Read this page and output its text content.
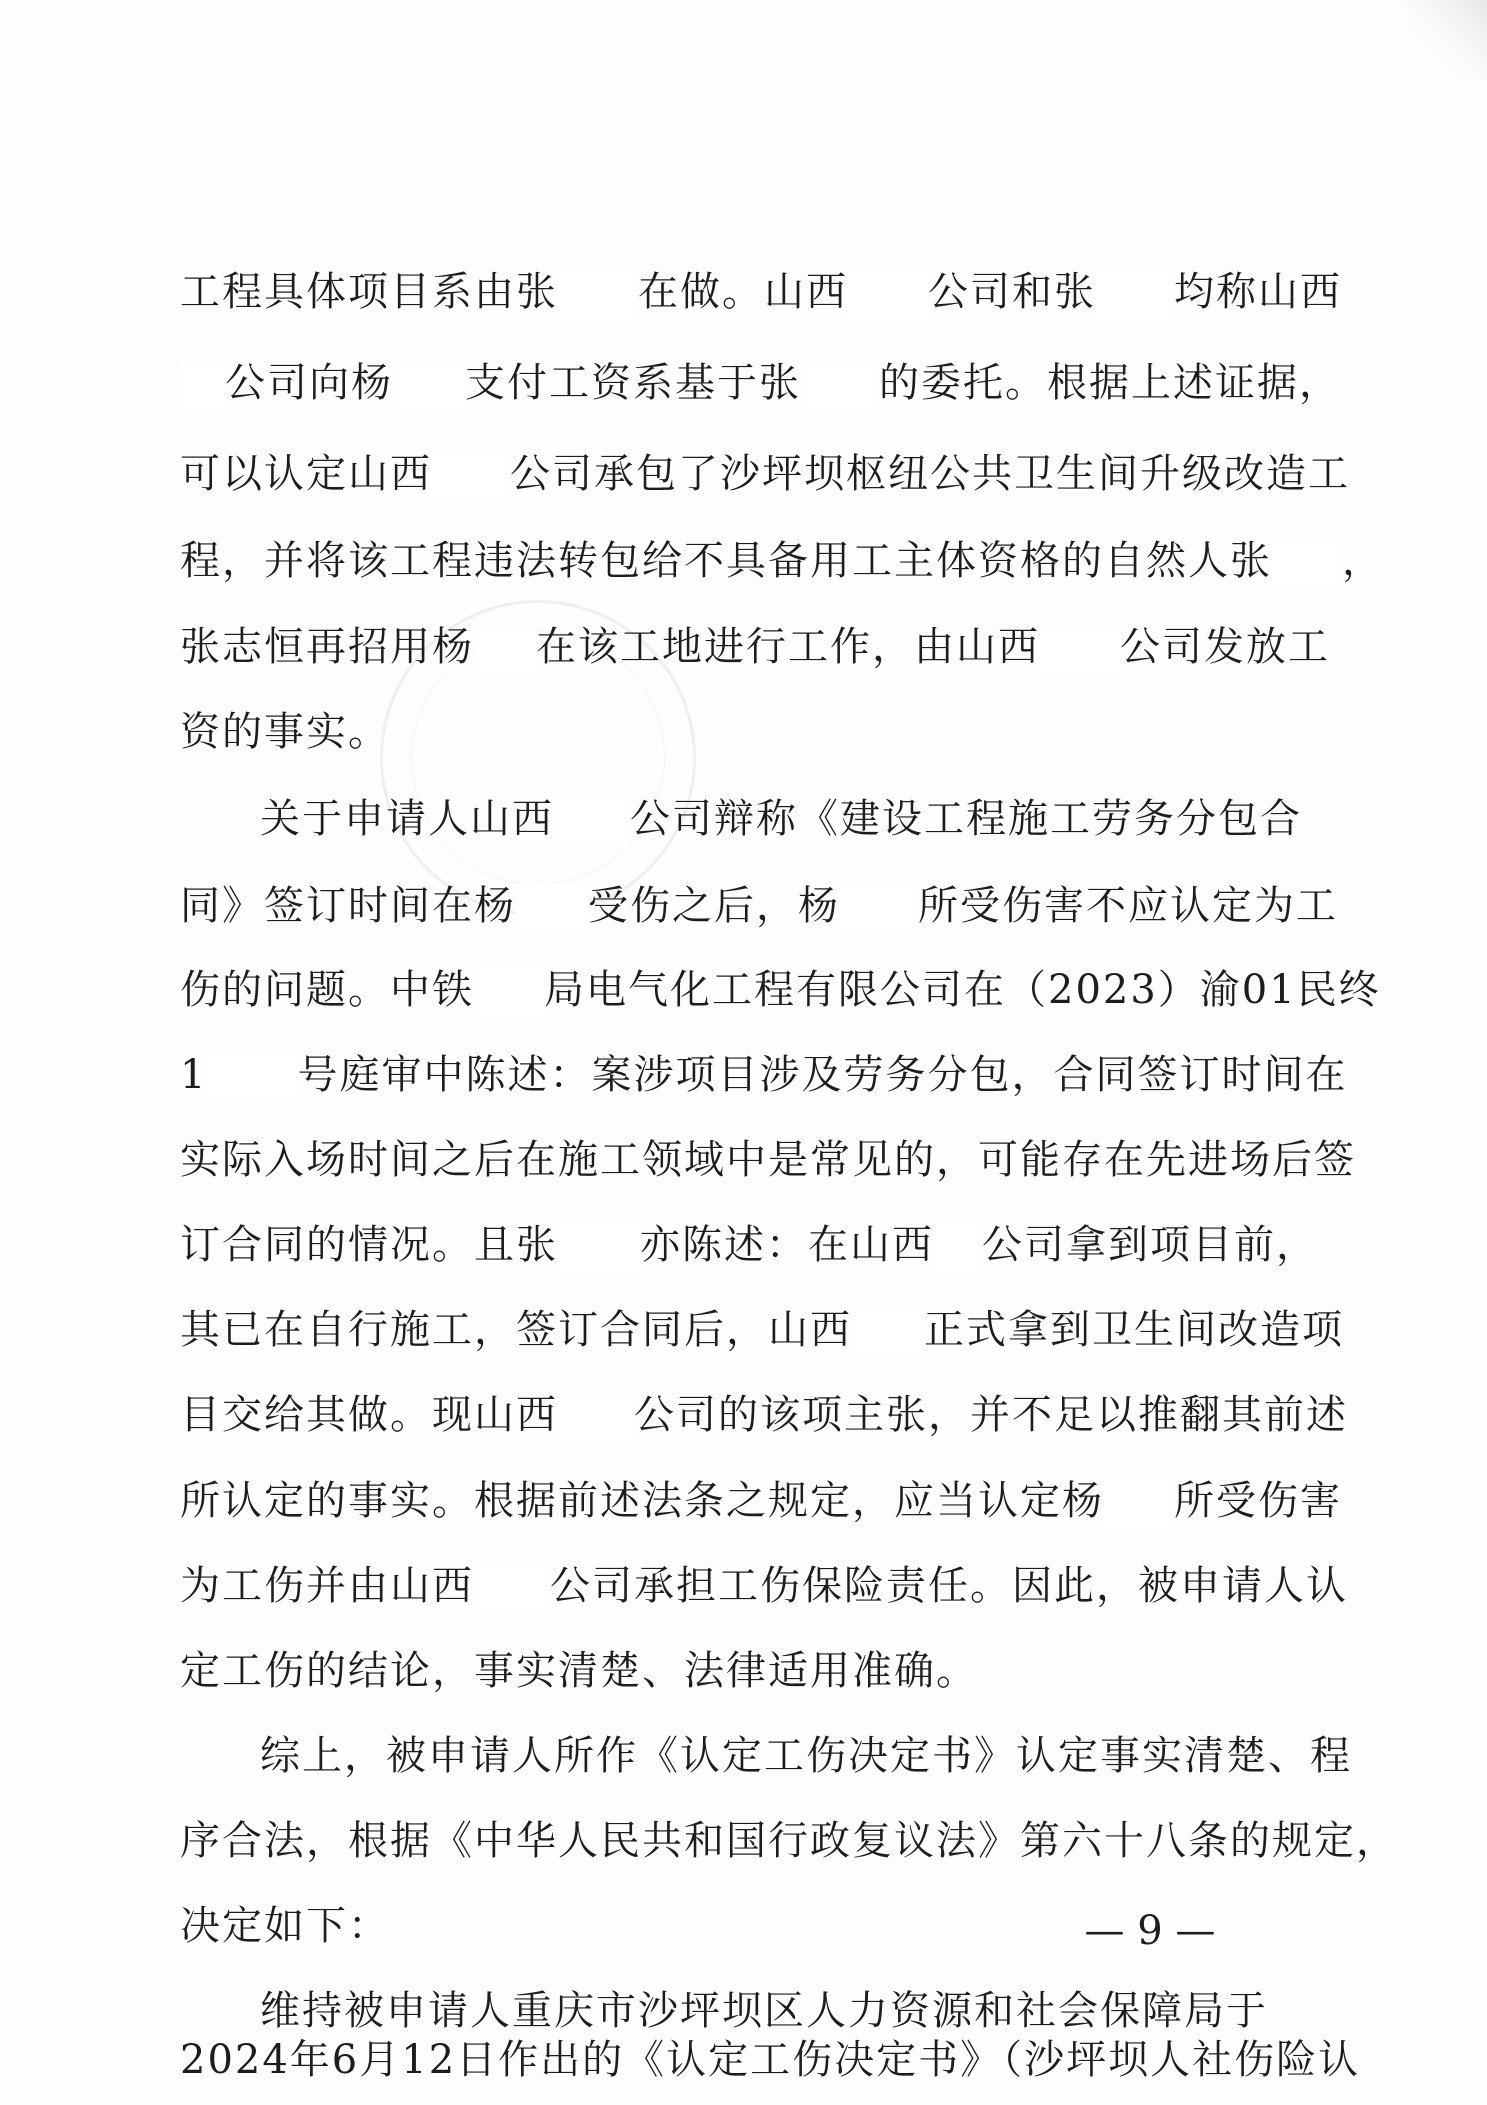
工程具体项目系由张 在做。山西 公司和张 均称山西
公司向杨 支付工资系基于张 的委托。根据上述证据，
可以认定山西 公司承包了沙坪坝枢纽公共卫生间升级改造工
程，并将该工程违法转包给不具备用工主体资格的自然人张 ，
张志恒再招用杨 在该工地进行工作，由山西 公司发放工
资的事实。
关于申请人山西 公司辩称《建设工程施工劳务分包合
同》签订时间在杨 受伤之后，杨 所受伤害不应认定为工
伤的问题。中铁 局电气化工程有限公司在（2023）渝01民终
1 号庭审中陈述：案涉项目涉及劳务分包，合同签订时间在
实际入场时间之后在施工领域中是常见的，可能存在先进场后签
订合同的情况。且张 亦陈述：在山西 公司拿到项目前，
其已在自行施工，签订合同后，山西 正式拿到卫生间改造项
目交给其做。现山西 公司的该项主张，并不足以推翻其前述
所认定的事实。根据前述法条之规定，应当认定杨 所受伤害
为工伤并由山西 公司承担工伤保险责任。因此，被申请人认
定工伤的结论，事实清楚、法律适用准确。
综上，被申请人所作《认定工伤决定书》认定事实清楚、程
序合法，根据《中华人民共和国行政复议法》第六十八条的规定，
决定如下：
维持被申请人重庆市沙坪坝区人力资源和社会保障局于
2024年6月12日作出的《认定工伤决定书》（沙坪坝人社伤险认
— 9 —
